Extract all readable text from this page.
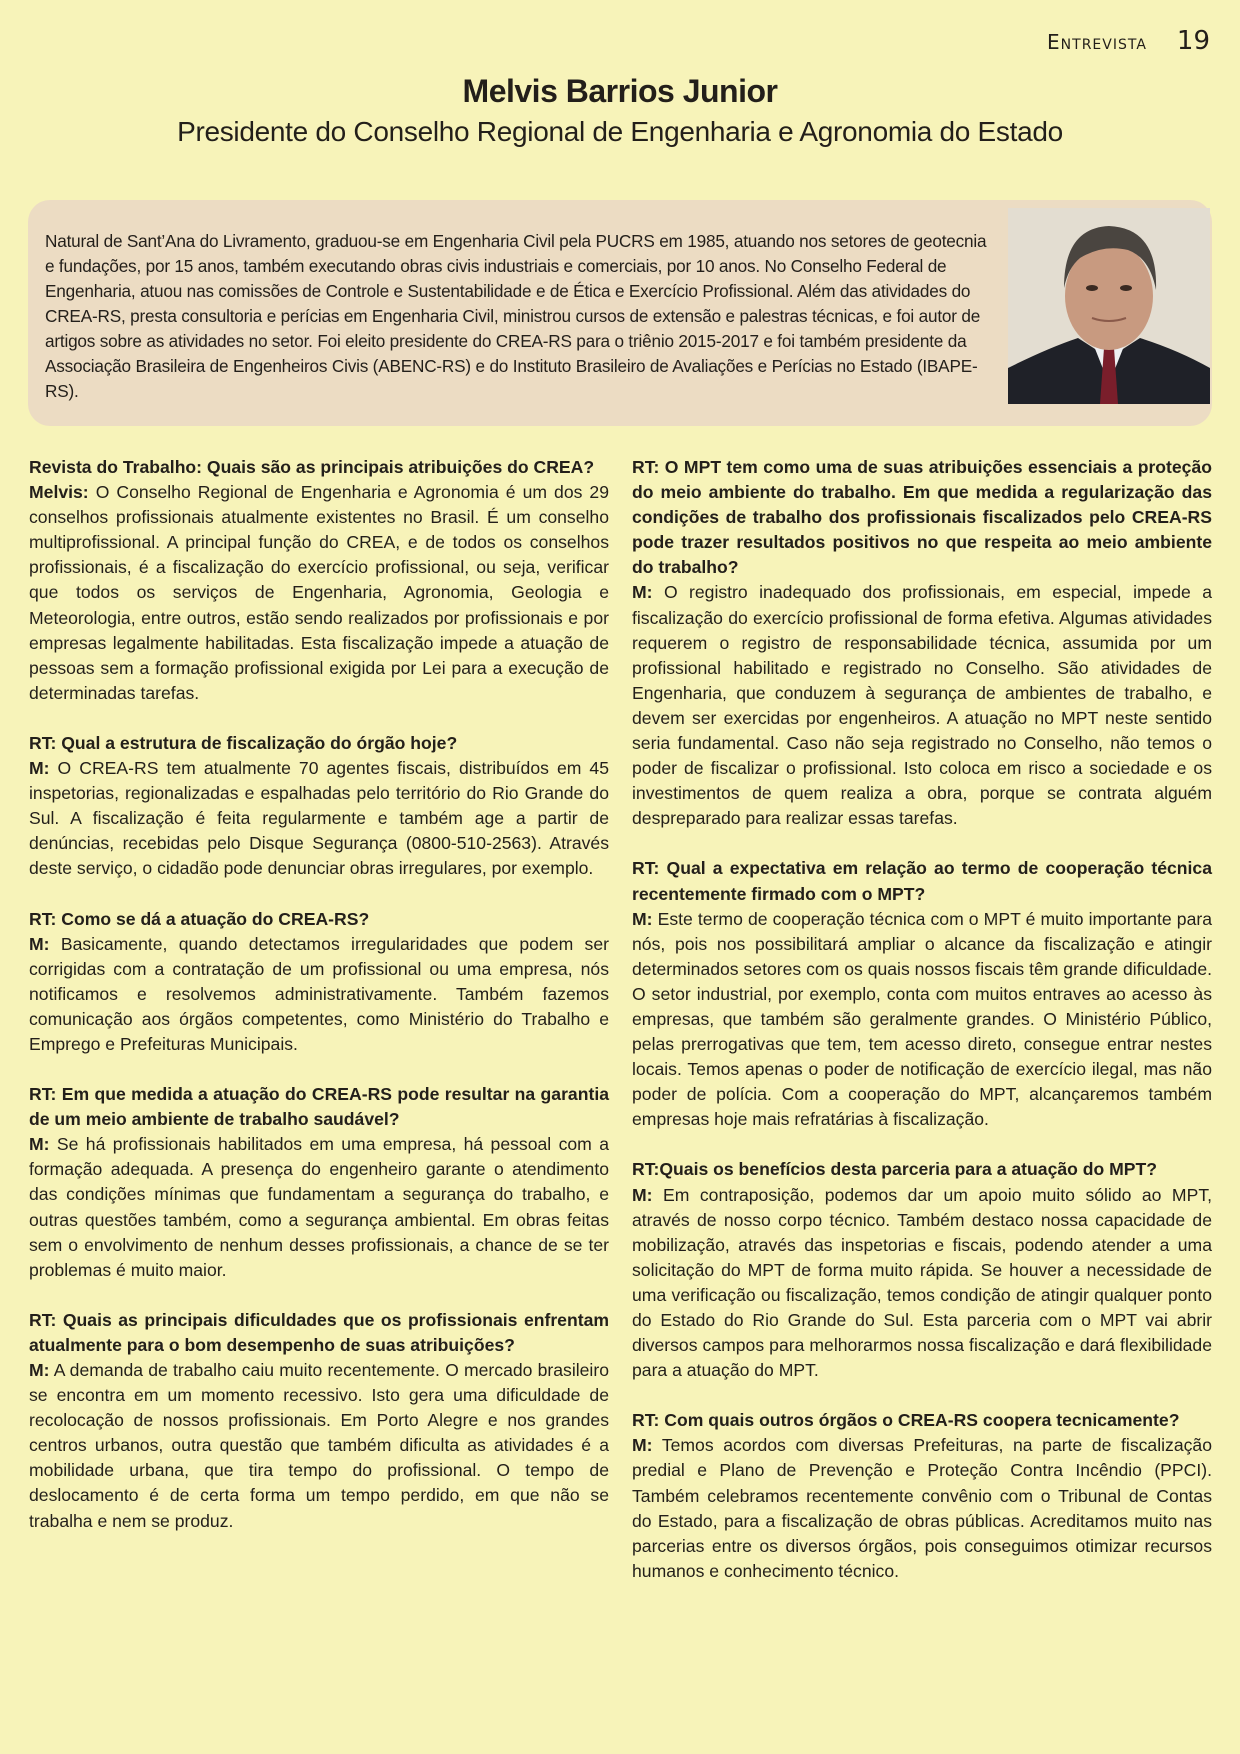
Entrevista 19
Melvis Barrios Junior
Presidente do Conselho Regional de Engenharia e Agronomia do Estado

Natural de Sant’Ana do Livramento, graduou-se em Engenharia Civil pela PUCRS em 1985, atuando nos setores de geotecnia e fundações, por 15 anos, também executando obras civis industriais e comerciais, por 10 anos. No Conselho Federal de Engenharia, atuou nas comissões de Controle e Sustentabilidade e de Ética e Exercício Profissional. Além das atividades do CREA-RS, presta consultoria e perícias em Engenharia Civil, ministrou cursos de extensão e palestras técnicas, e foi autor de artigos sobre as atividades no setor. Foi eleito presidente do CREA-RS para o triênio 2015-2017 e foi também presidente da Associação Brasileira de Engenheiros Civis (ABENC-RS) e do Instituto Brasileiro de Avaliações e Perícias no Estado (IBAPE-RS).

Revista do Trabalho: Quais são as principais atribuições do CREA?
Melvis: O Conselho Regional de Engenharia e Agronomia é um dos 29 conselhos profissionais atualmente existentes no Brasil. É um conselho multiprofissional. A principal função do CREA, e de todos os conselhos profissionais, é a fiscalização do exercício profissional, ou seja, verificar que todos os serviços de Engenharia, Agronomia, Geologia e Meteorologia, entre outros, estão sendo realizados por profissionais e por empresas legalmente habilitadas. Esta fiscalização impede a atuação de pessoas sem a formação profissional exigida por Lei para a execução de determinadas tarefas.
RT: Qual a estrutura de fiscalização do órgão hoje?
M: O CREA-RS tem atualmente 70 agentes fiscais, distribuídos em 45 inspetorias, regionalizadas e espalhadas pelo território do Rio Grande do Sul. A fiscalização é feita regularmente e também age a partir de denúncias, recebidas pelo Disque Segurança (0800-510-2563). Através deste serviço, o cidadão pode denunciar obras irregulares, por exemplo.
RT: Como se dá a atuação do CREA-RS?
M: Basicamente, quando detectamos irregularidades que podem ser corrigidas com a contratação de um profissional ou uma empresa, nós notificamos e resolvemos administrativamente. Também fazemos comunicação aos órgãos competentes, como Ministério do Trabalho e Emprego e Prefeituras Municipais.
RT: Em que medida a atuação do CREA-RS pode resultar na garantia de um meio ambiente de trabalho saudável?
M: Se há profissionais habilitados em uma empresa, há pessoal com a formação adequada. A presença do engenheiro garante o atendimento das condições mínimas que fundamentam a segurança do trabalho, e outras questões também, como a segurança ambiental. Em obras feitas sem o envolvimento de nenhum desses profissionais, a chance de se ter problemas é muito maior.
RT: Quais as principais dificuldades que os profissionais enfrentam atualmente para o bom desempenho de suas atribuições?
M: A demanda de trabalho caiu muito recentemente. O mercado brasileiro se encontra em um momento recessivo. Isto gera uma dificuldade de recolocação de nossos profissionais. Em Porto Alegre e nos grandes centros urbanos, outra questão que também dificulta as atividades é a mobilidade urbana, que tira tempo do profissional. O tempo de deslocamento é de certa forma um tempo perdido, em que não se trabalha e nem se produz.
RT: O MPT tem como uma de suas atribuições essenciais a proteção do meio ambiente do trabalho. Em que medida a regularização das condições de trabalho dos profissionais fiscalizados pelo CREA-RS pode trazer resultados positivos no que respeita ao meio ambiente do trabalho?
M: O registro inadequado dos profissionais, em especial, impede a fiscalização do exercício profissional de forma efetiva. Algumas atividades requerem o registro de responsabilidade técnica, assumida por um profissional habilitado e registrado no Conselho. São atividades de Engenharia, que conduzem à segurança de ambientes de trabalho, e devem ser exercidas por engenheiros. A atuação no MPT neste sentido seria fundamental. Caso não seja registrado no Conselho, não temos o poder de fiscalizar o profissional. Isto coloca em risco a sociedade e os investimentos de quem realiza a obra, porque se contrata alguém despreparado para realizar essas tarefas.
RT: Qual a expectativa em relação ao termo de cooperação técnica recentemente firmado com o MPT?
M: Este termo de cooperação técnica com o MPT é muito importante para nós, pois nos possibilitará ampliar o alcance da fiscalização e atingir determinados setores com os quais nossos fiscais têm grande dificuldade. O setor industrial, por exemplo, conta com muitos entraves ao acesso às empresas, que também são geralmente grandes. O Ministério Público, pelas prerrogativas que tem, tem acesso direto, consegue entrar nestes locais. Temos apenas o poder de notificação de exercício ilegal, mas não poder de polícia. Com a cooperação do MPT, alcançaremos também empresas hoje mais refratárias à fiscalização.
RT:Quais os benefícios desta parceria para a atuação do MPT?
M: Em contraposição, podemos dar um apoio muito sólido ao MPT, através de nosso corpo técnico. Também destaco nossa capacidade de mobilização, através das inspetorias e fiscais, podendo atender a uma solicitação do MPT de forma muito rápida. Se houver a necessidade de uma verificação ou fiscalização, temos condição de atingir qualquer ponto do Estado do Rio Grande do Sul. Esta parceria com o MPT vai abrir diversos campos para melhorarmos nossa fiscalização e dará flexibilidade para a atuação do MPT.
RT: Com quais outros órgãos o CREA-RS coopera tecnicamente?
M: Temos acordos com diversas Prefeituras, na parte de fiscalização predial e Plano de Prevenção e Proteção Contra Incêndio (PPCI). Também celebramos recentemente convênio com o Tribunal de Contas do Estado, para a fiscalização de obras públicas. Acreditamos muito nas parcerias entre os diversos órgãos, pois conseguimos otimizar recursos humanos e conhecimento técnico.
